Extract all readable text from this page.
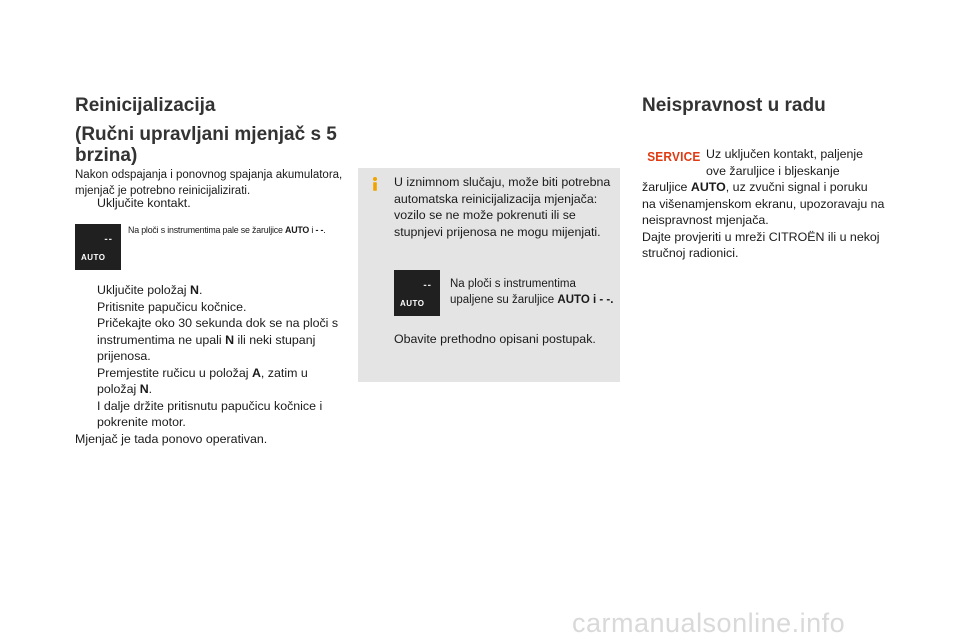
Reinicijalizacija
(Ručni upravljani mjenjač s 5 brzina)
Nakon odspajanja i ponovnog spajanja akumulatora, mjenjač je potrebno reinicijalizirati.
Uključite kontakt.
--
AUTO
Na ploči s instrumentima pale se žaruljice AUTO i - -.
Uključite položaj N.
Pritisnite papučicu kočnice.
Pričekajte oko 30 sekunda dok se na ploči s instrumentima ne upali N ili neki stupanj prijenosa.
Premjestite ručicu u položaj A, zatim u položaj N.
I dalje držite pritisnutu papučicu kočnice i pokrenite motor.
Mjenjač je tada ponovo operativan.
U iznimnom slučaju, može biti potrebna automatska reinicijalizacija mjenjača: vozilo se ne može pokrenuti ili se stupnjevi prijenosa ne mogu mijenjati.
--
AUTO
Na ploči s instrumentima
upaljene su žaruljice AUTO i - -.
Obavite prethodno opisani postupak.
Neispravnost u radu
SERVICE Uz uključen kontakt, paljenje
ove žaruljice i bljeskanje
žaruljice AUTO, uz zvučni signal i poruku
na višenamjenskom ekranu, upozoravaju na neispravnost mjenjača.
Dajte provjeriti u mreži CITROËN ili u nekoj stručnoj radionici.
carmanualsonline.info
